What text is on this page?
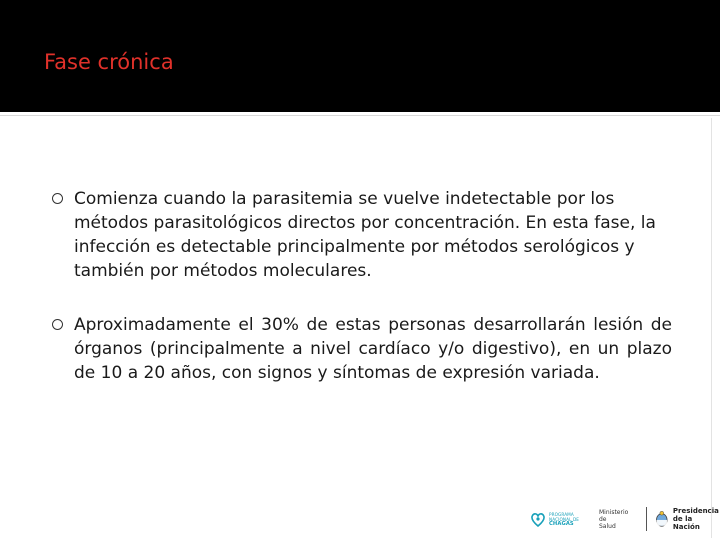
Fase crónica
Comienza cuando la parasitemia se vuelve indetectable por los métodos parasitológicos directos por concentración. En esta fase, la infección es detectable principalmente por métodos serológicos y también por métodos moleculares.
Aproximadamente el 30% de estas personas desarrollarán lesión de órganos (principalmente a nivel cardíaco y/o digestivo), en un plazo de 10 a 20 años, con signos y síntomas de expresión variada.
PROGRAMA
NACIONAL DE
CHAGAS
Ministerio de
Salud
Presidencia
de la Nación
